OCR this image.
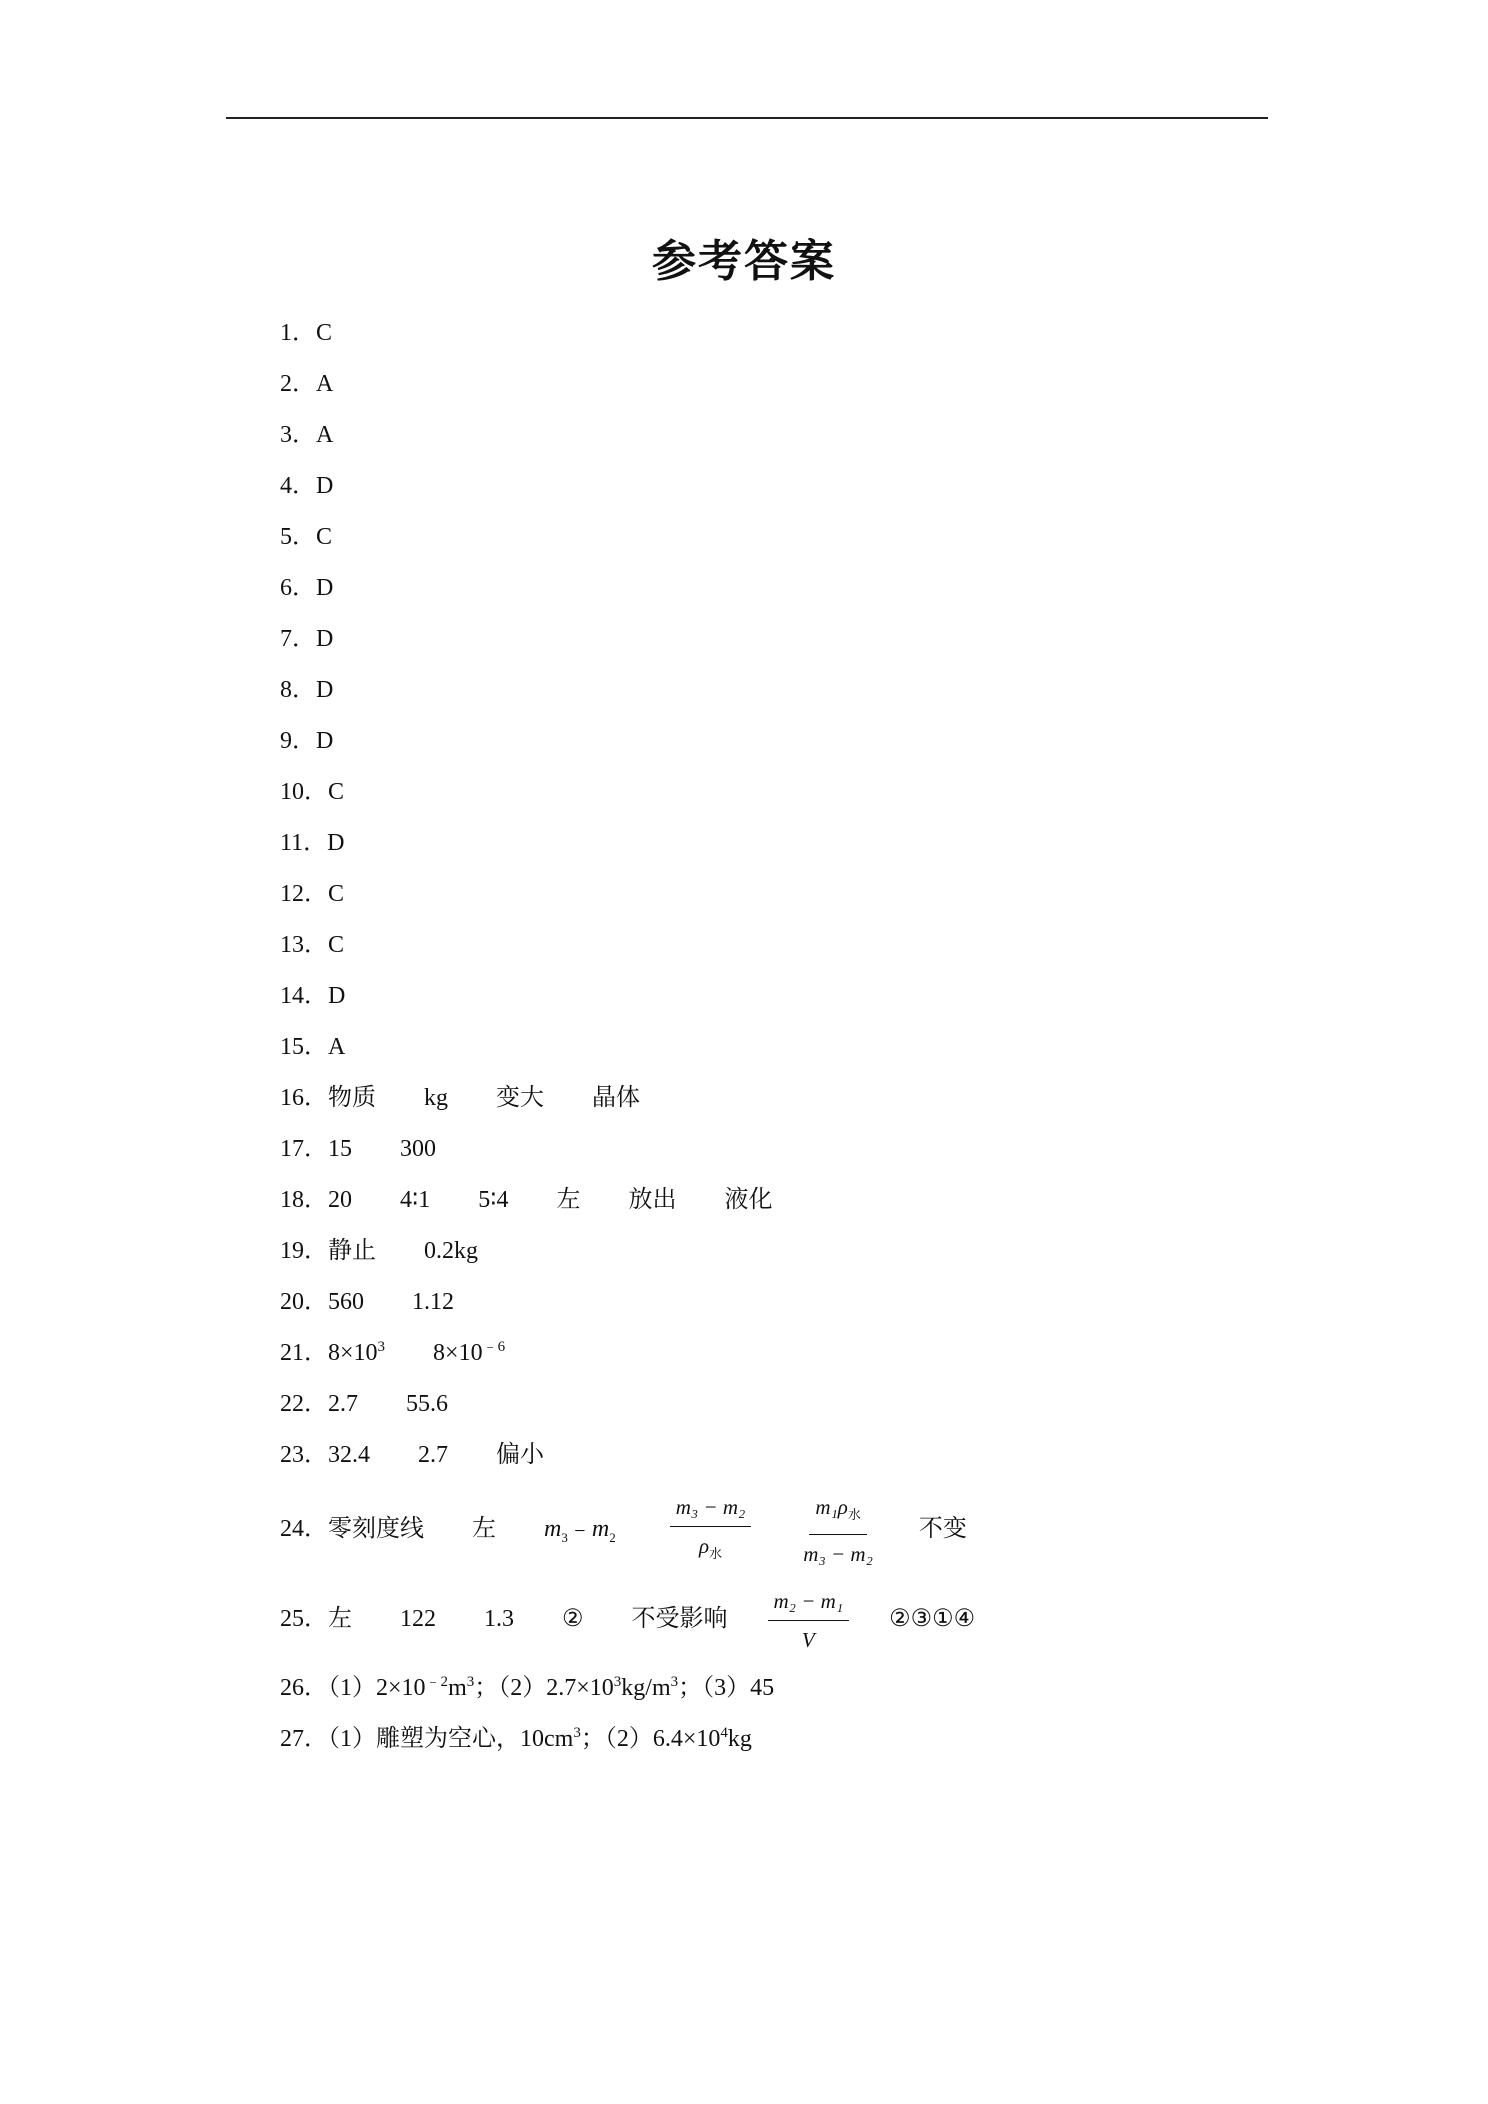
参考答案
1．C
2．A
3．A
4．D
5．C
6．D
7．D
8．D
9．D
10．C
11．D
12．C
13．C
14．D
15．A
16．物质 kg 变大 晶体
17．15 300
18．20 4∶1 5∶4 左 放出 液化
19．静止 0.2kg
20．560 1.12
21．$8\times 10^3$ $8\times 10^{﹣6}$
22．2.7 55.6
23．32.4 2.7 偏小
24．零刻度线 左 $m_3﹣m_2$	$\frac{\text{m₃ − m₂}}{\rho_水} \frac{m_1\rho_水}{\text{m₃ − m₂}}$ 不变
25．左 122 1.3 ② 不受影响 $\frac{\text{m₂ − m₁}}{V}$ ②③①④
26．$(1)2\times 10^{﹣2}m^3$；$(2)2.7\times 10^3kg/m^3$；（3）45
27．（1）雕塑为空心，$10cm^3$；$(2)6.4\times 10^4kg$
